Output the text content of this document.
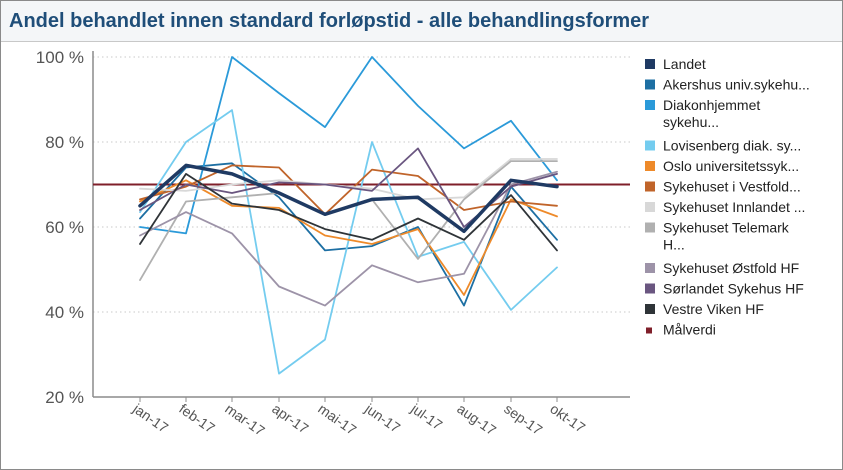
Andel behandlet innen standard forløpstid - alle behandlingsformer
20 %
40 %
60 %
80 %
100 %
jan-17 feb-17 mar-17 apr-17 mai-17 jun-17 jul-17 aug-17 sep-17 okt-17
Landet
Akershus univ.sykehu...
Diakonhjemmet
sykehu...
Lovisenberg diak. sy...
Oslo universitetssyk...
Sykehuset i Vestfold...
Sykehuset Innlandet ...
Sykehuset Telemark
H...
Sykehuset Østfold HF
Sørlandet Sykehus HF
Vestre Viken HF
Målverdi
